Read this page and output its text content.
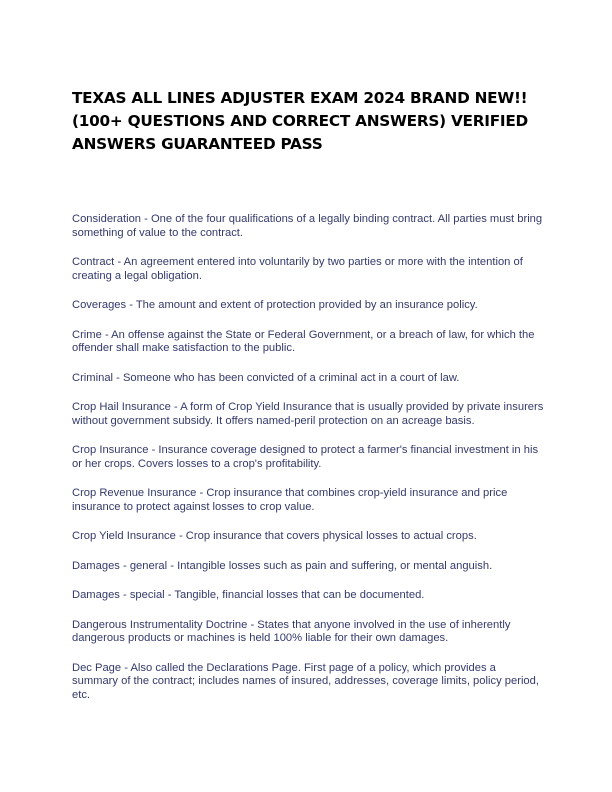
TEXAS ALL LINES ADJUSTER EXAM 2024 BRAND NEW!! (100+ QUESTIONS AND CORRECT ANSWERS) VERIFIED ANSWERS GUARANTEED PASS

Consideration - One of the four qualifications of a legally binding contract. All parties must bring something of value to the contract.

Contract - An agreement entered into voluntarily by two parties or more with the intention of creating a legal obligation.

Coverages - The amount and extent of protection provided by an insurance policy.

Crime - An offense against the State or Federal Government, or a breach of law, for which the offender shall make satisfaction to the public.

Criminal - Someone who has been convicted of a criminal act in a court of law.

Crop Hail Insurance - A form of Crop Yield Insurance that is usually provided by private insurers without government subsidy. It offers named-peril protection on an acreage basis.

Crop Insurance - Insurance coverage designed to protect a farmer's financial investment in his or her crops. Covers losses to a crop's profitability.

Crop Revenue Insurance - Crop insurance that combines crop-yield insurance and price insurance to protect against losses to crop value.

Crop Yield Insurance - Crop insurance that covers physical losses to actual crops.

Damages - general - Intangible losses such as pain and suffering, or mental anguish.

Damages - special - Tangible, financial losses that can be documented.

Dangerous Instrumentality Doctrine - States that anyone involved in the use of inherently dangerous products or machines is held 100% liable for their own damages.

Dec Page - Also called the Declarations Page. First page of a policy, which provides a summary of the contract; includes names of insured, addresses, coverage limits, policy period, etc.
